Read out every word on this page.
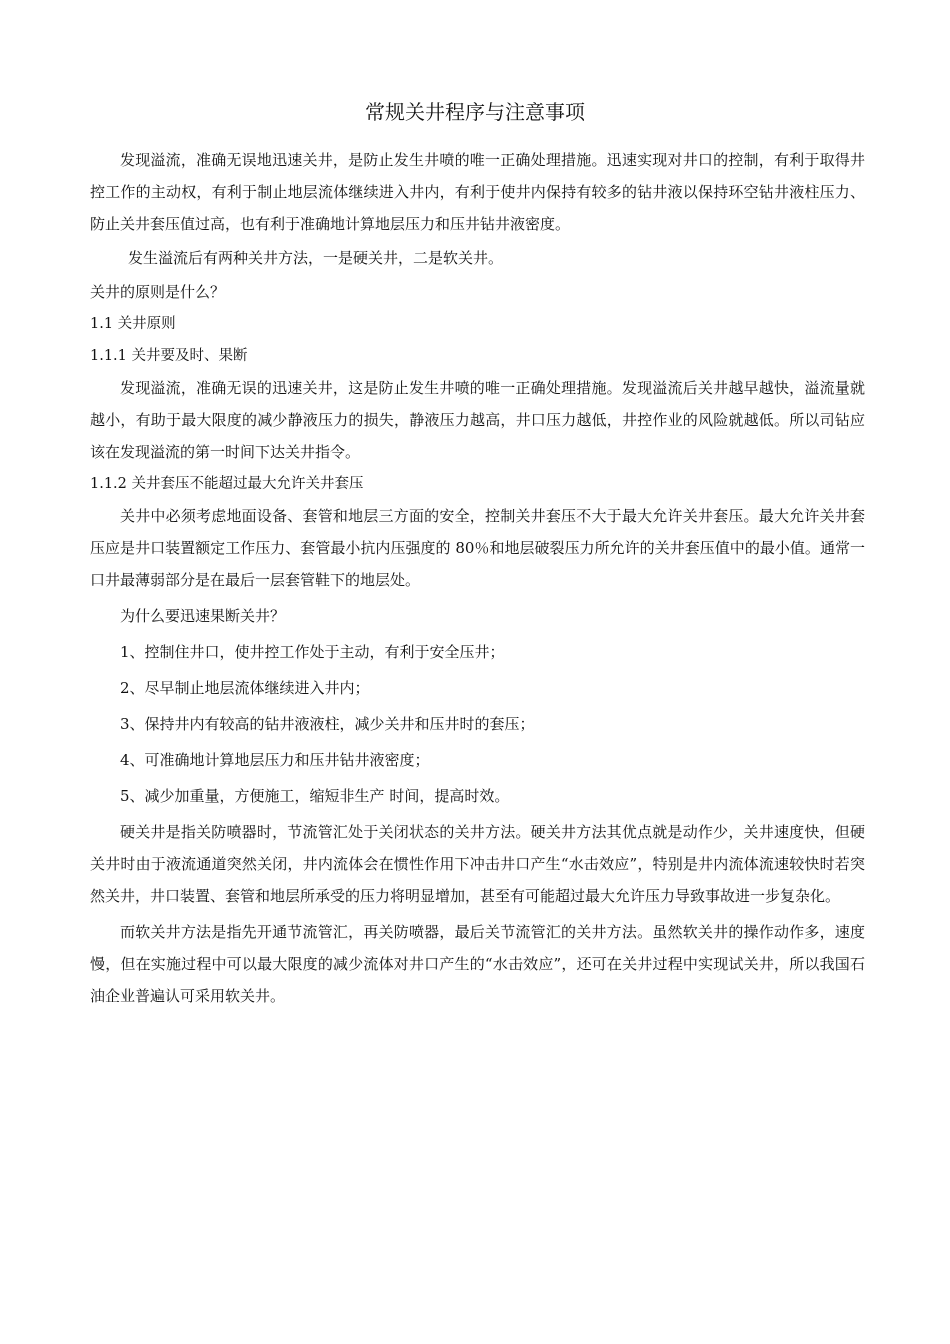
常规关井程序与注意事项

发现溢流，准确无误地迅速关井，是防止发生井喷的唯一正确处理措施。迅速实现对井口的控制，有利于取得井控工作的主动权，有利于制止地层流体继续进入井内，有利于使井内保持有较多的钻井液以保持环空钻井液柱压力、防止关井套压值过高，也有利于准确地计算地层压力和压井钻井液密度。

发生溢流后有两种关井方法，一是硬关井，二是软关井。

关井的原则是什么？

1.1 关井原则

1.1.1 关井要及时、果断

发现溢流，准确无误的迅速关井，这是防止发生井喷的唯一正确处理措施。发现溢流后关井越早越快，溢流量就越小，有助于最大限度的减少静液压力的损失，静液压力越高，井口压力越低，井控作业的风险就越低。所以司钻应该在发现溢流的第一时间下达关井指令。

1.1.2 关井套压不能超过最大允许关井套压

关井中必须考虑地面设备、套管和地层三方面的安全，控制关井套压不大于最大允许关井套压。最大允许关井套压应是井口装置额定工作压力、套管最小抗内压强度的 80％和地层破裂压力所允许的关井套压值中的最小值。通常一口井最薄弱部分是在最后一层套管鞋下的地层处。

为什么要迅速果断关井？

1、控制住井口，使井控工作处于主动，有利于安全压井；

2、尽早制止地层流体继续进入井内；

3、保持井内有较高的钻井液液柱，减少关井和压井时的套压；

4、可准确地计算地层压力和压井钻井液密度；

5、减少加重量，方便施工，缩短非生产 时间，提高时效。

硬关井是指关防喷器时，节流管汇处于关闭状态的关井方法。硬关井方法其优点就是动作少，关井速度快，但硬关井时由于液流通道突然关闭，井内流体会在惯性作用下冲击井口产生“水击效应”，特别是井内流体流速较快时若突然关井，井口装置、套管和地层所承受的压力将明显增加，甚至有可能超过最大允许压力导致事故进一步复杂化。

而软关井方法是指先开通节流管汇，再关防喷器，最后关节流管汇的关井方法。虽然软关井的操作动作多，速度慢，但在实施过程中可以最大限度的减少流体对井口产生的“水击效应”，还可在关井过程中实现试关井，所以我国石油企业普遍认可采用软关井。
